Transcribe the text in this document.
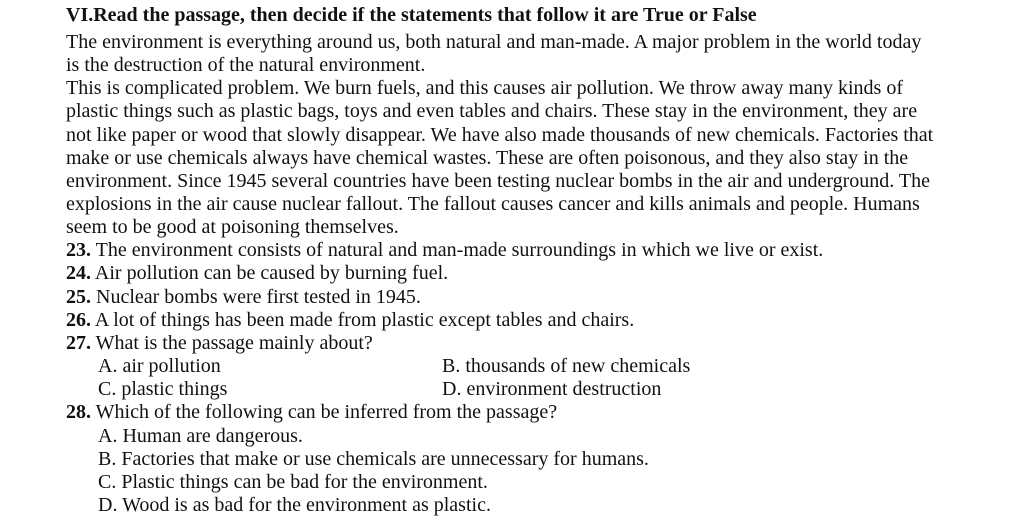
VI.Read the passage, then decide if the statements that follow it are True or False
The environment is everything around us, both natural and man-made. A major problem in the world today
is the destruction of the natural environment.
This is complicated problem. We burn fuels, and this causes air pollution. We throw away many kinds of
plastic things such as plastic bags, toys and even tables and chairs. These stay in the environment, they are
not like paper or wood that slowly disappear. We have also made thousands of new chemicals. Factories that
make or use chemicals always have chemical wastes. These are often poisonous, and they also stay in the
environment. Since 1945 several countries have been testing nuclear bombs in the air and underground. The
explosions in the air cause nuclear fallout. The fallout causes cancer and kills animals and people. Humans
seem to be good at poisoning themselves.
23. The environment consists of natural and man-made surroundings in which we live or exist.
24. Air pollution can be caused by burning fuel.
25. Nuclear bombs were first tested in 1945.
26. A lot of things has been made from plastic except tables and chairs.
27. What is the passage mainly about?
A. air pollution	B. thousands of new chemicals
C. plastic things	D. environment destruction
28. Which of the following can be inferred from the passage?
A. Human are dangerous.
B. Factories that make or use chemicals are unnecessary for humans.
C. Plastic things can be bad for the environment.
D. Wood is as bad for the environment as plastic.
